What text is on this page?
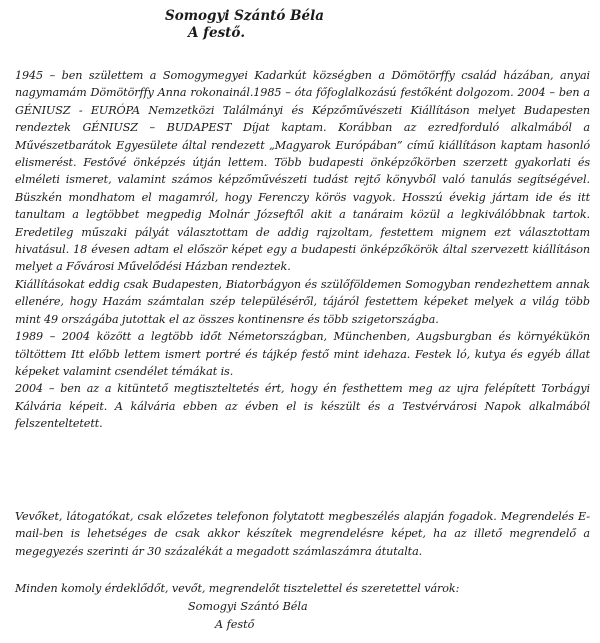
Somogyi Szántó Béla
A festő.

1945 – ben születtem a Somogymegyei Kadarkút községben a Dömötörffy család házában, anyai nagymamám Dömötörffy Anna rokonainál.1985 – óta főfoglalkozású festőként dolgozom. 2004 – ben a GÉNIUSZ - EURÓPA Nemzetközi Találmányi és Képzőművészeti Kiállításon melyet Budapesten rendeztek GÉNIUSZ – BUDAPEST Díjat kaptam. Korábban az ezredforduló alkalmából a Művészetbarátok Egyesülete által rendezett „Magyarok Európában” című kiállításon kaptam hasonló elismerést. Festővé önképzés útján lettem. Több budapesti önképzőkörben szerzett gyakorlati és elméleti ismeret, valamint számos képzőművészeti tudást rejtő könyvből való tanulás segítségével. Büszkén mondhatom el magamról, hogy Ferenczy körös vagyok. Hosszú évekig jártam ide és itt tanultam a legtöbbet megpedig Molnár Józseftől akit a tanáraim közül a legkiválóbbnak tartok. Eredetileg műszaki pályát választottam de addig rajzoltam, festettem mignem ezt választottam hivatásul. 18 évesen adtam el először képet egy a budapesti önképzőkörök által szervezett kiállításon melyet a Fővárosi Művelődési Házban rendeztek.

Kiállításokat eddig csak Budapesten, Biatorbágyon és szülőföldemen Somogyban rendezhettem annak ellenére, hogy Hazám számtalan szép településéről, tájáról festettem képeket melyek a világ több mint 49 országába jutottak el az összes kontinensre és több szigetországba.

1989 – 2004 között a legtöbb időt Németországban, Münchenben, Augsburgban és környékükön töltöttem Itt előbb lettem ismert portré és tájkép festő mint idehaza. Festek ló, kutya és egyéb állat képeket valamint csendélet témákat is.

2004 – ben az a kitüntető megtiszteltetés ért, hogy én festhettem meg az ujra felépített Torbágyi Kálvária képeit. A kálvária ebben az évben el is készült és a Testvérvárosi Napok alkalmából felszenteltetett.

Vevőket, látogatókat, csak előzetes telefonon folytatott megbeszélés alapján fogadok. Megrendelés E-mail-ben is lehetséges de csak akkor készítek megrendelésre képet, ha az illető megrendelő a megegyezés szerinti ár 30 százalékát a megadott számlaszámra átutalta.
Minden komoly érdeklődőt, vevőt, megrendelőt tisztelettel és szeretettel várok:
Somogyi Szántó Béla
A festő
